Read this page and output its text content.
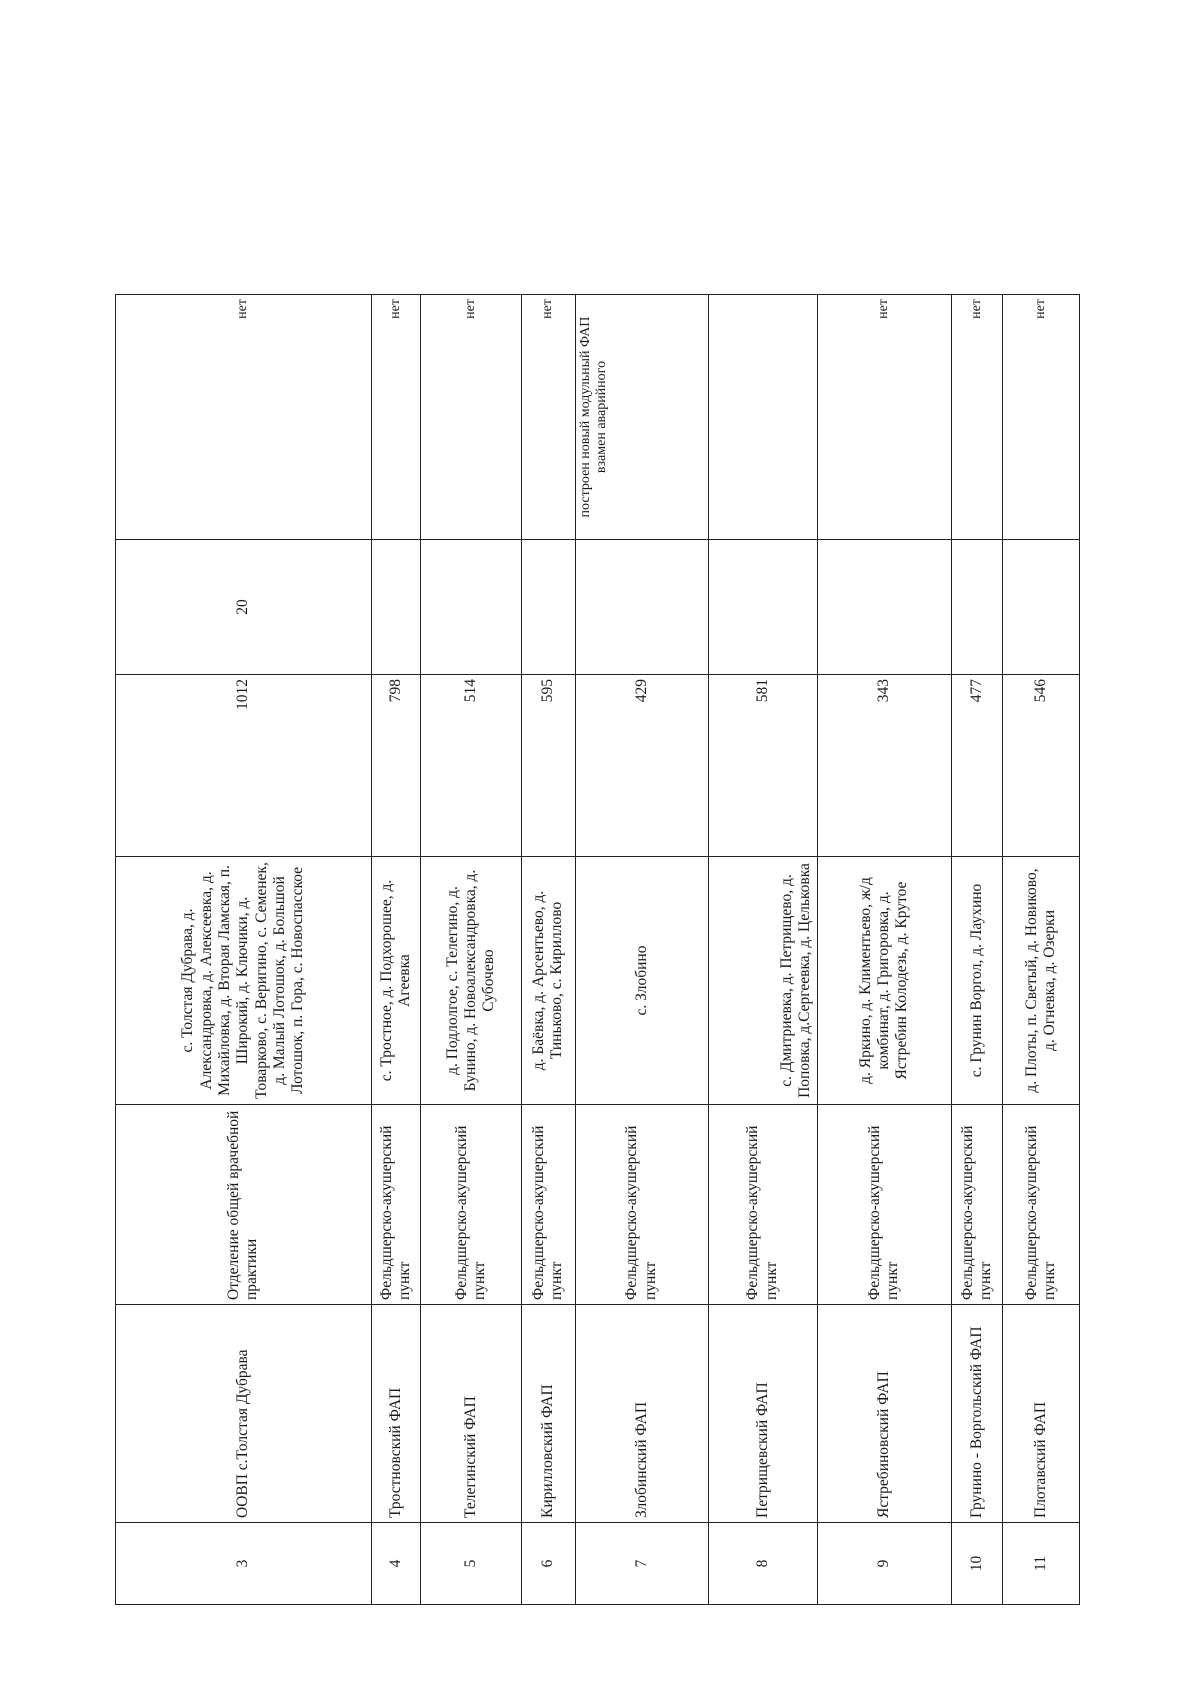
3	ООВП с.Толстая Дубрава	Отделение общей врачебной практики	с. Толстая Дубрава, д. Александровка, д. Алексеевка, д. Михайловка, д. Вторая Ламская, п. Широкий, д. Ключики, д. Товарково, с. Веригино, с. Семенек, д. Малый Лотошок, д. Большой Лотошок, п. Гора, с. Новоспасское	1012	20	нет
4	Тростновский ФАП	Фельдшерско-акушерский пункт	с. Тростное, д. Подхорошее, д. Агеевка	798		нет
5	Телегинский ФАП	Фельдшерско-акушерский пункт	д. Подлолгое, с. Телегино, д. Бунино, д. Новоалександровка, д. Субочево	514		нет
6	Кирилловский ФАП	Фельдшерско-акушерский пункт	д. Баёвка, д. Арсентьево, д. Тиньково, с. Кириллово	595		нет
7	Злобинский ФАП	Фельдшерско-акушерский пункт	с. Злобино	429		построен новый модульный ФАП взамен аварийного
8	Петрищевский ФАП	Фельдшерско-акушерский пункт	с. Дмитриевка, д. Петрищево, д. Поповка, д.Сергеевка, д. Цельковка	581		
9	Ястребиновский ФАП	Фельдшерско-акушерский пункт	д. Яркино, д. Климентьево, ж/д комбинат, д. Григоровка, д. Ястребин Колодезь, д. Крутое	343		нет
10	Грунино - Воргольский ФАП	Фельдшерско-акушерский пункт	с. Грунин Воргол, д. Лаухино	477		нет
11	Плотавский ФАП	Фельдшерско-акушерский пункт	д. Плоты, п. Светый, д. Новиково, д. Огневка, д. Озерки	546		нет
